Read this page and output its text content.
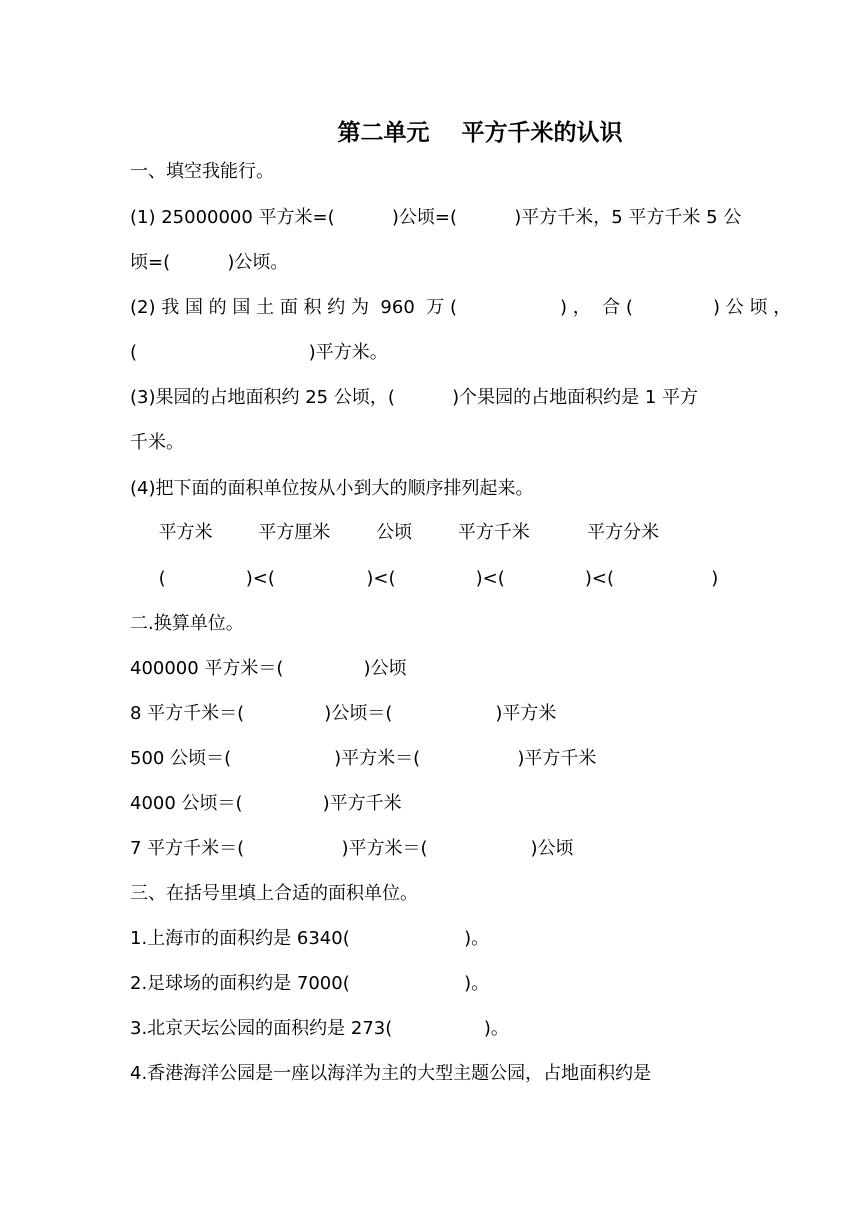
第二单元    平方千米的认识
一、填空我能行。
(1) 25000000 平方米=(          )公顷=(          )平方千米，5 平方千米 5 公
顷=(          )公顷。
(2) 我 国 的 国 土 面 积 约 为  960  万 (                  ) ，  合 (              ) 公 顷 ，
(                              )平方米。
(3)果园的占地面积约 25 公顷，(          )个果园的占地面积约是 1 平方
千米。
(4)把下面的面积单位按从小到大的顺序排列起来。
平方米        平方厘米        公顷        平方千米          平方分米
(              )<(                )<(              )<(              )<(                 )
二.换算单位。
400000 平方米＝(              )公顷
8 平方千米＝(              )公顷＝(                  )平方米
500 公顷＝(                  )平方米＝(                 )平方千米
4000 公顷＝(              )平方千米
7 平方千米＝(                 )平方米＝(                  )公顷
三、在括号里填上合适的面积单位。
1.上海市的面积约是 6340(                    )。
2.足球场的面积约是 7000(                    )。
3.北京天坛公园的面积约是 273(                )。
4.香港海洋公园是一座以海洋为主的大型主题公园，占地面积约是
